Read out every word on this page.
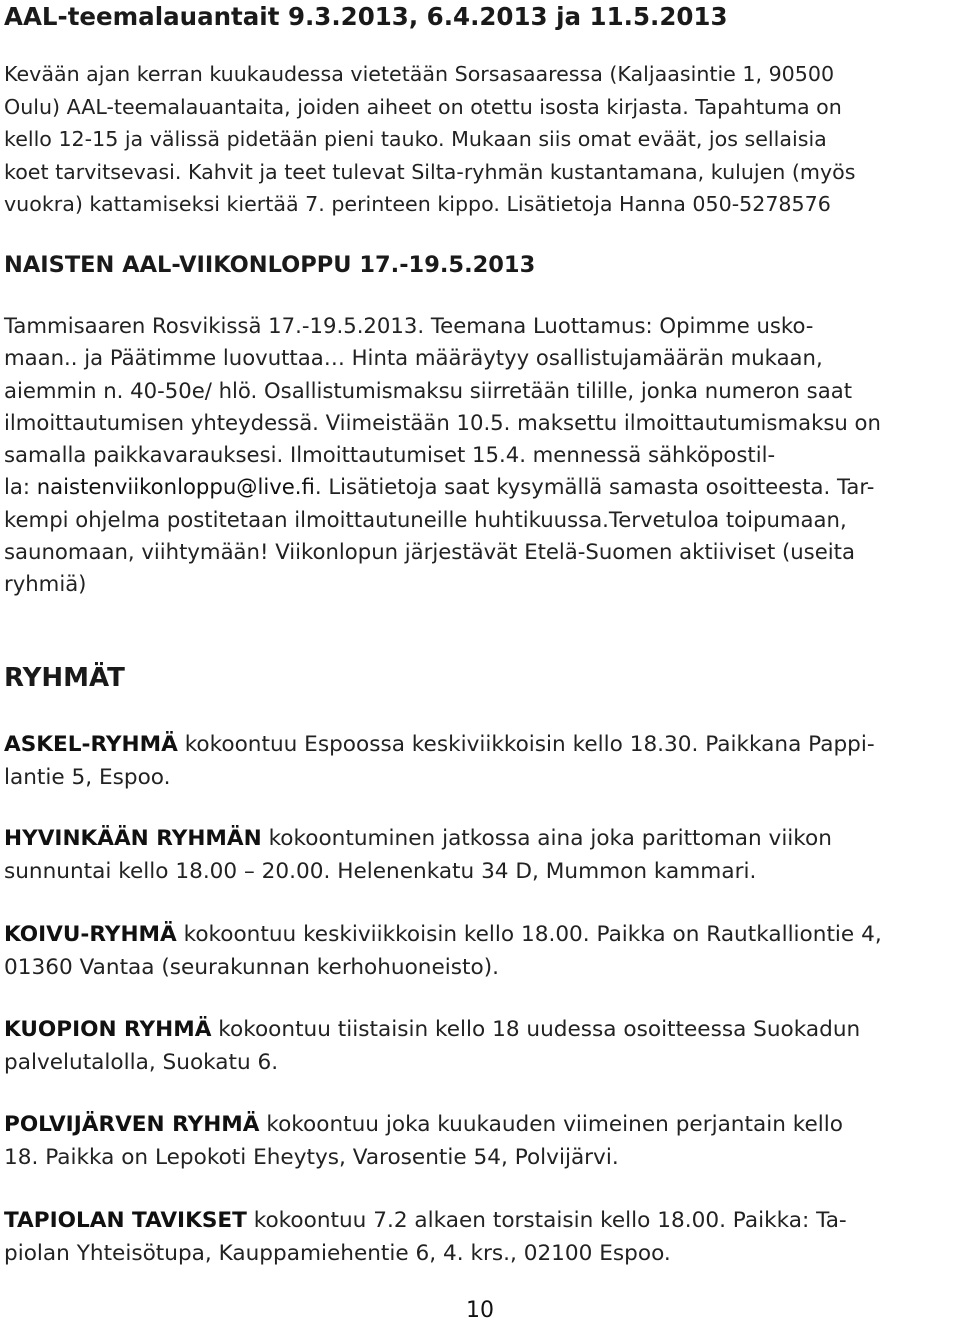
AAL-teemalauantait 9.3.2013, 6.4.2013 ja 11.5.2013
Kevään ajan kerran kuukaudessa vietetään Sorsasaaressa (Kaljaasintie 1, 90500
Oulu) AAL-teemalauantaita, joiden aiheet on otettu isosta kirjasta. Tapahtuma on
kello 12-15 ja välissä pidetään pieni tauko. Mukaan siis omat eväät, jos sellaisia
koet tarvitsevasi. Kahvit ja teet tulevat Silta-ryhmän kustantamana, kulujen (myös
vuokra) kattamiseksi kiertää 7. perinteen kippo. Lisätietoja Hanna 050-5278576
NAISTEN AAL-VIIKONLOPPU 17.-19.5.2013
Tammisaaren Rosvikissä 17.-19.5.2013. Teemana Luottamus: Opimme usko-
maan.. ja Päätimme luovuttaa… Hinta määräytyy osallistujamäärän mukaan,
aiemmin n. 40-50e/ hlö. Osallistumismaksu siirretään tilille, jonka numeron saat
ilmoittautumisen yhteydessä. Viimeistään 10.5. maksettu ilmoittautumismaksu on
samalla paikkavarauksesi. Ilmoittautumiset 15.4. mennessä sähköpostil-
la: naistenviikonloppu@live.fi. Lisätietoja saat kysymällä samasta osoitteesta. Tar-
kempi ohjelma postitetaan ilmoittautuneille huhtikuussa.Tervetuloa toipumaan,
saunomaan, viihtymään! Viikonlopun järjestävät Etelä-Suomen aktiiviset (useita
ryhmiä)
RYHMÄT
ASKEL-RYHMÄ kokoontuu Espoossa keskiviikkoisin kello 18.30. Paikkana Pappi-
lantie 5, Espoo.
HYVINKÄÄN RYHMÄN kokoontuminen jatkossa aina joka parittoman viikon
sunnuntai kello 18.00 – 20.00. Helenenkatu 34 D, Mummon kammari.
KOIVU-RYHMÄ kokoontuu keskiviikkoisin kello 18.00. Paikka on Rautkalliontie 4,
01360 Vantaa (seurakunnan kerhohuoneisto).
KUOPION RYHMÄ kokoontuu tiistaisin kello 18 uudessa osoitteessa Suokadun
palvelutalolla, Suokatu 6.
POLVIJÄRVEN RYHMÄ kokoontuu joka kuukauden viimeinen perjantain kello
18. Paikka on Lepokoti Eheytys, Varosentie 54, Polvijärvi.
TAPIOLAN TAVIKSET kokoontuu 7.2 alkaen torstaisin kello 18.00. Paikka: Ta-
piolan Yhteisötupa, Kauppamiehentie 6, 4. krs., 02100 Espoo.
10
